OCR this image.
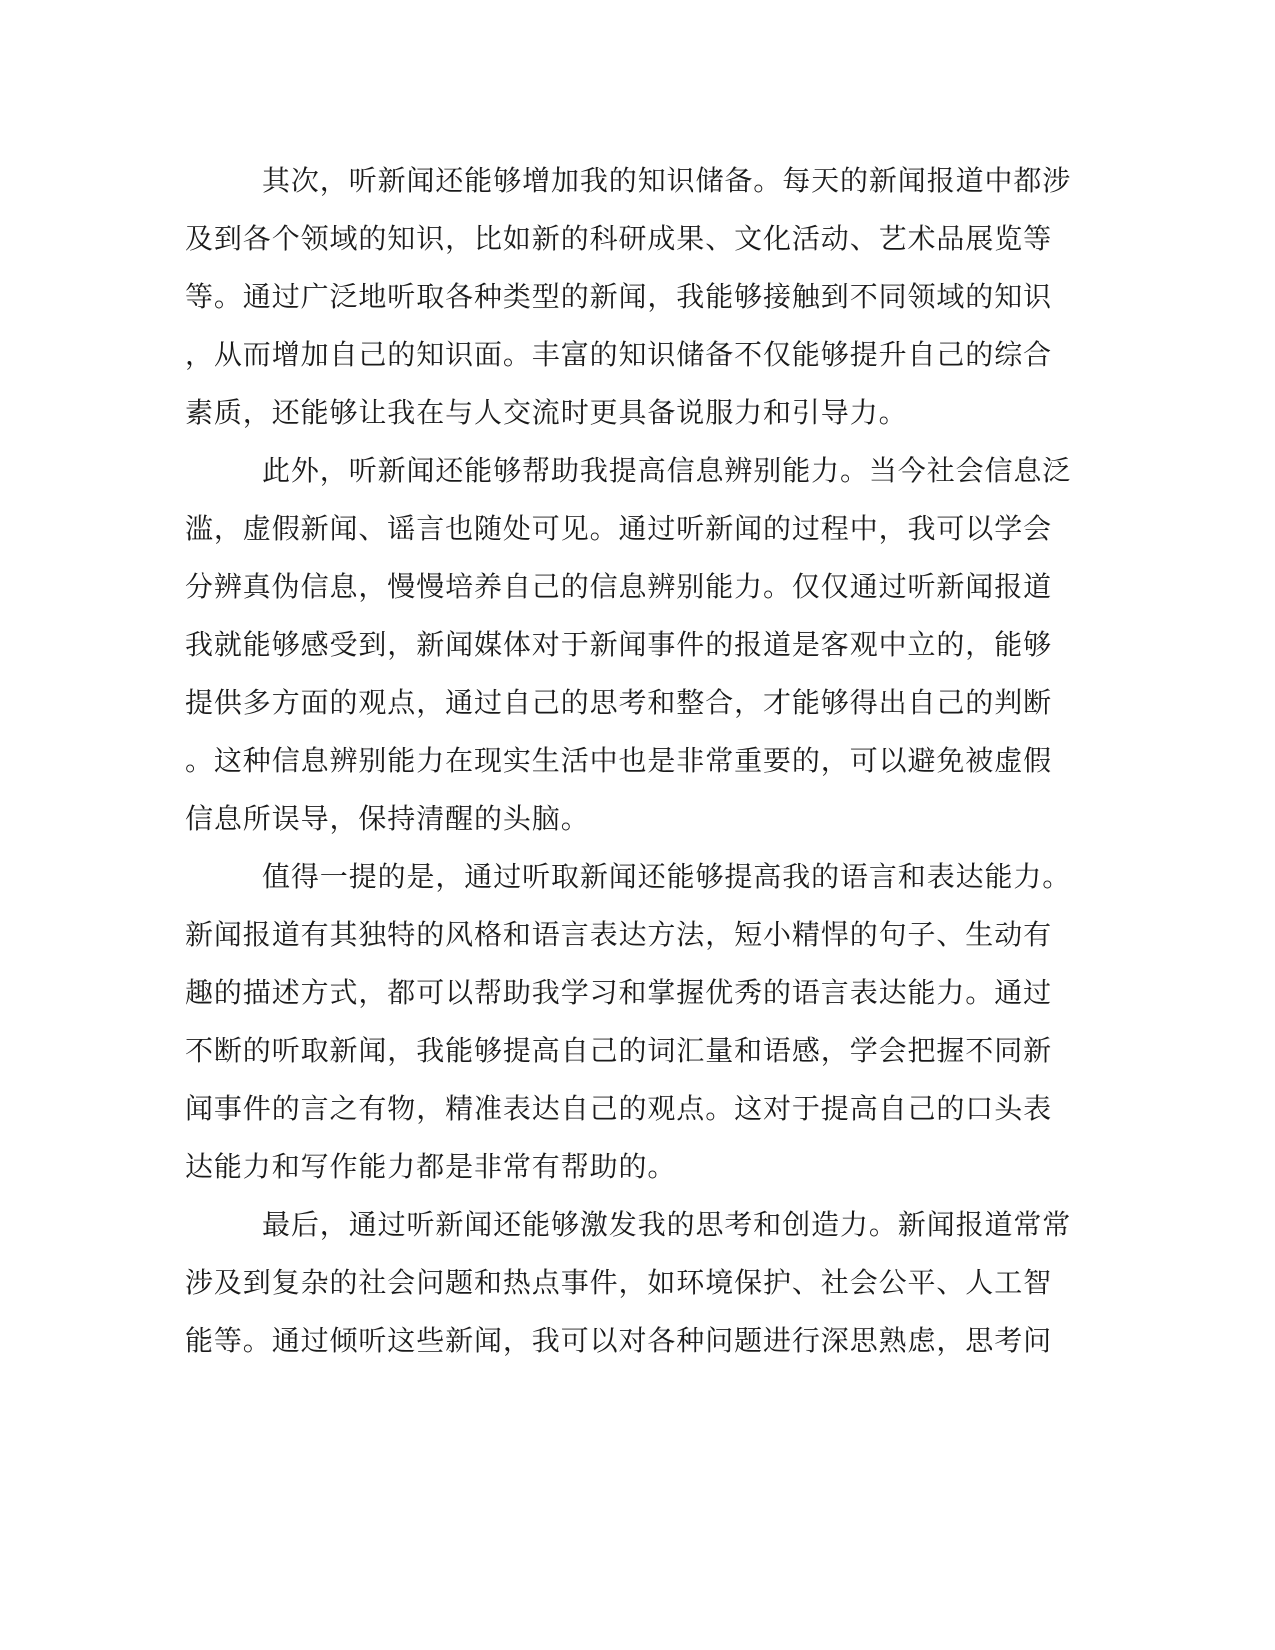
其次，听新闻还能够增加我的知识储备。每天的新闻报道中都涉
及到各个领域的知识，比如新的科研成果、文化活动、艺术品展览等
等。通过广泛地听取各种类型的新闻，我能够接触到不同领域的知识
，从而增加自己的知识面。丰富的知识储备不仅能够提升自己的综合
素质，还能够让我在与人交流时更具备说服力和引导力。
此外，听新闻还能够帮助我提高信息辨别能力。当今社会信息泛
滥，虚假新闻、谣言也随处可见。通过听新闻的过程中，我可以学会
分辨真伪信息，慢慢培养自己的信息辨别能力。仅仅通过听新闻报道
我就能够感受到，新闻媒体对于新闻事件的报道是客观中立的，能够
提供多方面的观点，通过自己的思考和整合，才能够得出自己的判断
。这种信息辨别能力在现实生活中也是非常重要的，可以避免被虚假
信息所误导，保持清醒的头脑。
值得一提的是，通过听取新闻还能够提高我的语言和表达能力。
新闻报道有其独特的风格和语言表达方法，短小精悍的句子、生动有
趣的描述方式，都可以帮助我学习和掌握优秀的语言表达能力。通过
不断的听取新闻，我能够提高自己的词汇量和语感，学会把握不同新
闻事件的言之有物，精准表达自己的观点。这对于提高自己的口头表
达能力和写作能力都是非常有帮助的。
最后，通过听新闻还能够激发我的思考和创造力。新闻报道常常
涉及到复杂的社会问题和热点事件，如环境保护、社会公平、人工智
能等。通过倾听这些新闻，我可以对各种问题进行深思熟虑，思考问
